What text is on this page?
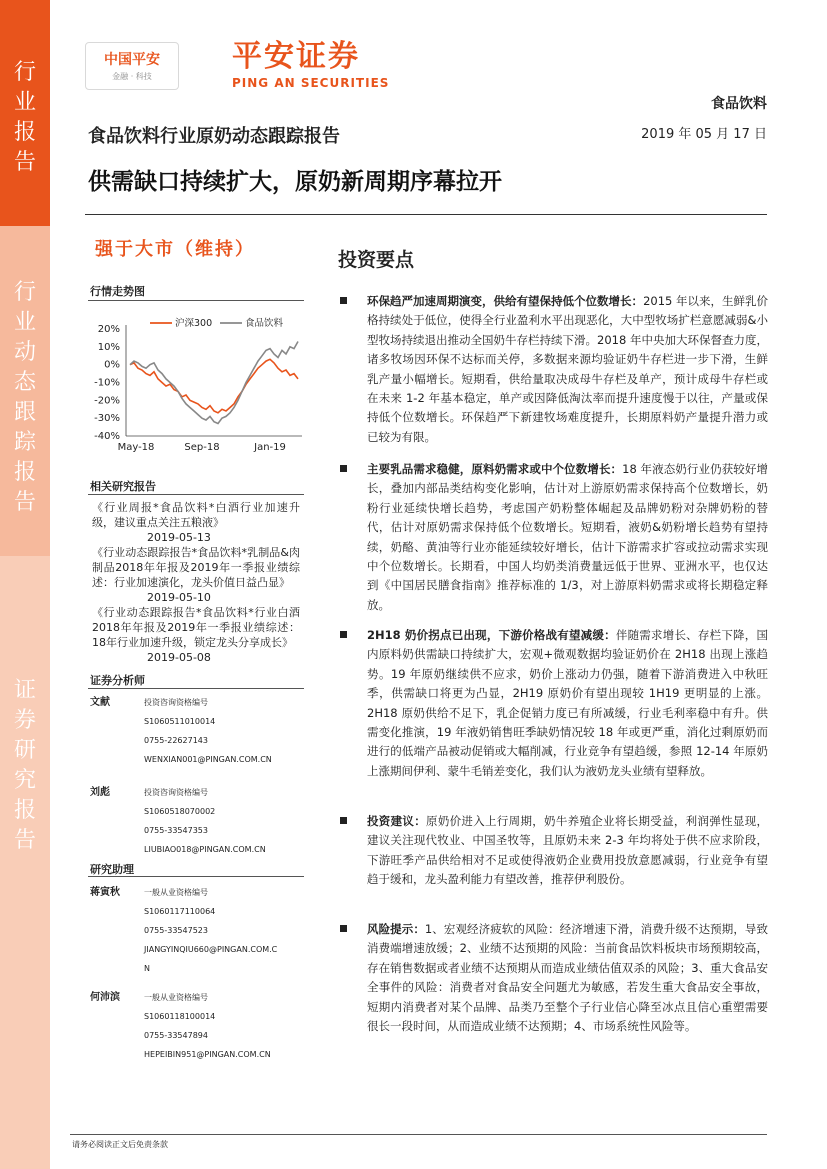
行
业
报
告
行
业
动
态
跟
踪
报
告
证
券
研
究
报
告
中国平安
金融 · 科技
平安证券
PING AN SECURITIES
食品饮料
食品饮料行业原奶动态跟踪报告	2019 年 05 月 17 日
供需缺口持续扩大，原奶新周期序幕拉开
强于大市（维持）	投资要点
行情走势图
20%
10%
0%
-10%
-20%
-30%
-40%
May-18	Sep-18	Jan-19
沪深300	食品饮料
相关研究报告
《行业周报*食品饮料*白酒行业加速升级，建议重点关注五粮液》
2019-05-13
《行业动态跟踪报告*食品饮料*乳制品&肉制品2018年年报及2019年一季报业绩综述：行业加速演化，龙头价值日益凸显》
2019-05-10
《行业动态跟踪报告*食品饮料*行业白酒2018年年报及2019年一季报业绩综述：18年行业加速升级，锁定龙头分享成长》
2019-05-08
证券分析师
文献	投资咨询资格编号
S1060511010014
0755-22627143
WENXIAN001@PINGAN.COM.CN
刘彪	投资咨询资格编号
S1060518070002
0755-33547353
LIUBIAO018@PINGAN.COM.CN
研究助理
蒋寅秋	一般从业资格编号
S1060117110064
0755-33547523
JIANGYINQIU660@PINGAN.COM.C
N
何沛滨	一般从业资格编号
S1060118100014
0755-33547894
HEPEIBIN951@PINGAN.COM.CN
环保趋严加速周期演变，供给有望保持低个位数增长：2015 年以来，生鲜乳价格持续处于低位，使得全行业盈利水平出现恶化，大中型牧场扩栏意愿减弱&小型牧场持续退出推动全国奶牛存栏持续下滑。2018 年中央加大环保督查力度，诸多牧场因环保不达标而关停，多数据来源均验证奶牛存栏进一步下滑，生鲜乳产量小幅增长。短期看，供给量取决成母牛存栏及单产，预计成母牛存栏或在未来 1-2 年基本稳定，单产或因降低淘汰率而提升速度慢于以往，产量或保持低个位数增长。环保趋严下新建牧场难度提升，长期原料奶产量提升潜力或已较为有限。
主要乳品需求稳健，原料奶需求或中个位数增长：18 年液态奶行业仍获较好增长，叠加内部品类结构变化影响，估计对上游原奶需求保持高个位数增长，奶粉行业延续快增长趋势，考虑国产奶粉整体崛起及品牌奶粉对杂牌奶粉的替代，估计对原奶需求保持低个位数增长。短期看，液奶&奶粉增长趋势有望持续，奶酪、黄油等行业亦能延续较好增长，估计下游需求扩容或拉动需求实现中个位数增长。长期看，中国人均奶类消费量远低于世界、亚洲水平，也仅达到《中国居民膳食指南》推荐标准的 1/3，对上游原料奶需求或将长期稳定释放。
2H18 奶价拐点已出现，下游价格战有望减缓：伴随需求增长、存栏下降，国内原料奶供需缺口持续扩大，宏观+微观数据均验证奶价在 2H18 出现上涨趋势。19 年原奶继续供不应求，奶价上涨动力仍强，随着下游消费进入中秋旺季，供需缺口将更为凸显，2H19 原奶价有望出现较 1H19 更明显的上涨。2H18 原奶供给不足下，乳企促销力度已有所减缓，行业毛利率稳中有升。供需变化推演，19 年液奶销售旺季缺奶情况较 18 年或更严重，消化过剩原奶而进行的低端产品被动促销或大幅削减，行业竞争有望趋缓，参照 12-14 年原奶上涨期间伊利、蒙牛毛销差变化，我们认为液奶龙头业绩有望释放。
投资建议：原奶价进入上行周期，奶牛养殖企业将长期受益，利润弹性显现，建议关注现代牧业、中国圣牧等，且原奶未来 2-3 年均将处于供不应求阶段，下游旺季产品供给相对不足或使得液奶企业费用投放意愿减弱，行业竞争有望趋于缓和，龙头盈利能力有望改善，推荐伊利股份。
风险提示：1、宏观经济疲软的风险：经济增速下滑，消费升级不达预期，导致消费端增速放缓；2、业绩不达预期的风险：当前食品饮料板块市场预期较高，存在销售数据或者业绩不达预期从而造成业绩估值双杀的风险；3、重大食品安全事件的风险：消费者对食品安全问题尤为敏感，若发生重大食品安全事故，短期内消费者对某个品牌、品类乃至整个子行业信心降至冰点且信心重塑需要很长一段时间，从而造成业绩不达预期；4、市场系统性风险等。
请务必阅读正文后免责条款
